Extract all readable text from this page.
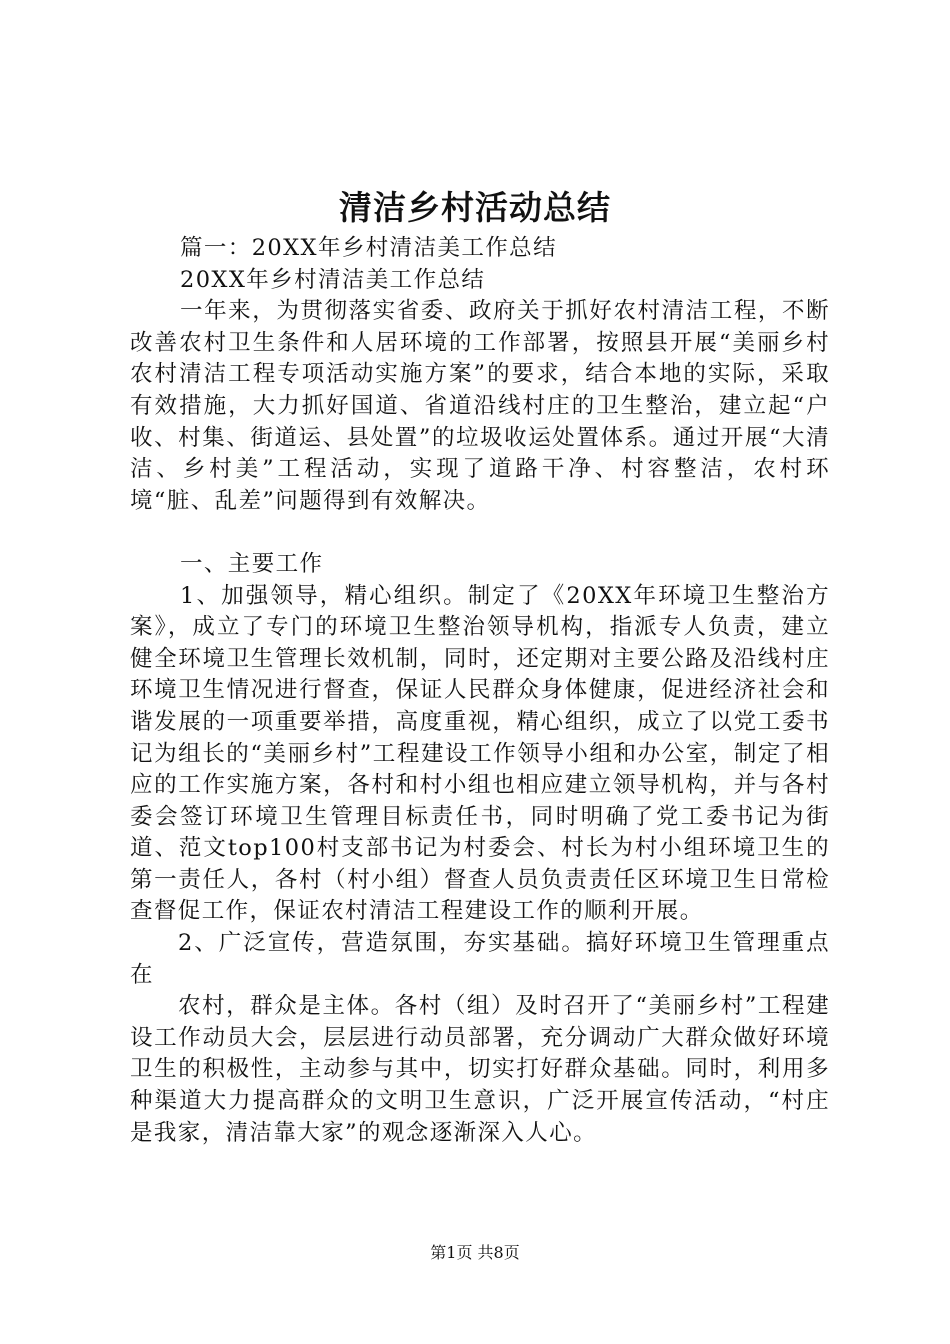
清洁乡村活动总结

篇一：20XX年乡村清洁美工作总结

20XX年乡村清洁美工作总结

一年来，为贯彻落实省委、政府关于抓好农村清洁工程，不断改善农村卫生条件和人居环境的工作部署，按照县开展“美丽乡村农村清洁工程专项活动实施方案”的要求，结合本地的实际，采取有效措施，大力抓好国道、省道沿线村庄的卫生整治，建立起“户收、村集、街道运、县处置”的垃圾收运处置体系。通过开展“大清洁、乡村美”工程活动，实现了道路干净、村容整洁，农村环境“脏、乱差”问题得到有效解决。

一、主要工作

1、加强领导，精心组织。制定了《20XX年环境卫生整治方案》，成立了专门的环境卫生整治领导机构，指派专人负责，建立健全环境卫生管理长效机制，同时，还定期对主要公路及沿线村庄环境卫生情况进行督查，保证人民群众身体健康，促进经济社会和谐发展的一项重要举措，高度重视，精心组织，成立了以党工委书记为组长的“美丽乡村”工程建设工作领导小组和办公室，制定了相应的工作实施方案，各村和村小组也相应建立领导机构，并与各村委会签订环境卫生管理目标责任书，同时明确了党工委书记为街道、范文top100村支部书记为村委会、村长为村小组环境卫生的第一责任人，各村（村小组）督查人员负责责任区环境卫生日常检查督促工作，保证农村清洁工程建设工作的顺利开展。

2、广泛宣传，营造氛围，夯实基础。搞好环境卫生管理重点在

农村，群众是主体。各村（组）及时召开了“美丽乡村”工程建设工作动员大会，层层进行动员部署，充分调动广大群众做好环境卫生的积极性，主动参与其中，切实打好群众基础。同时，利用多种渠道大力提高群众的文明卫生意识，广泛开展宣传活动，“村庄是我家，清洁靠大家”的观念逐渐深入人心。

第1页 共8页
